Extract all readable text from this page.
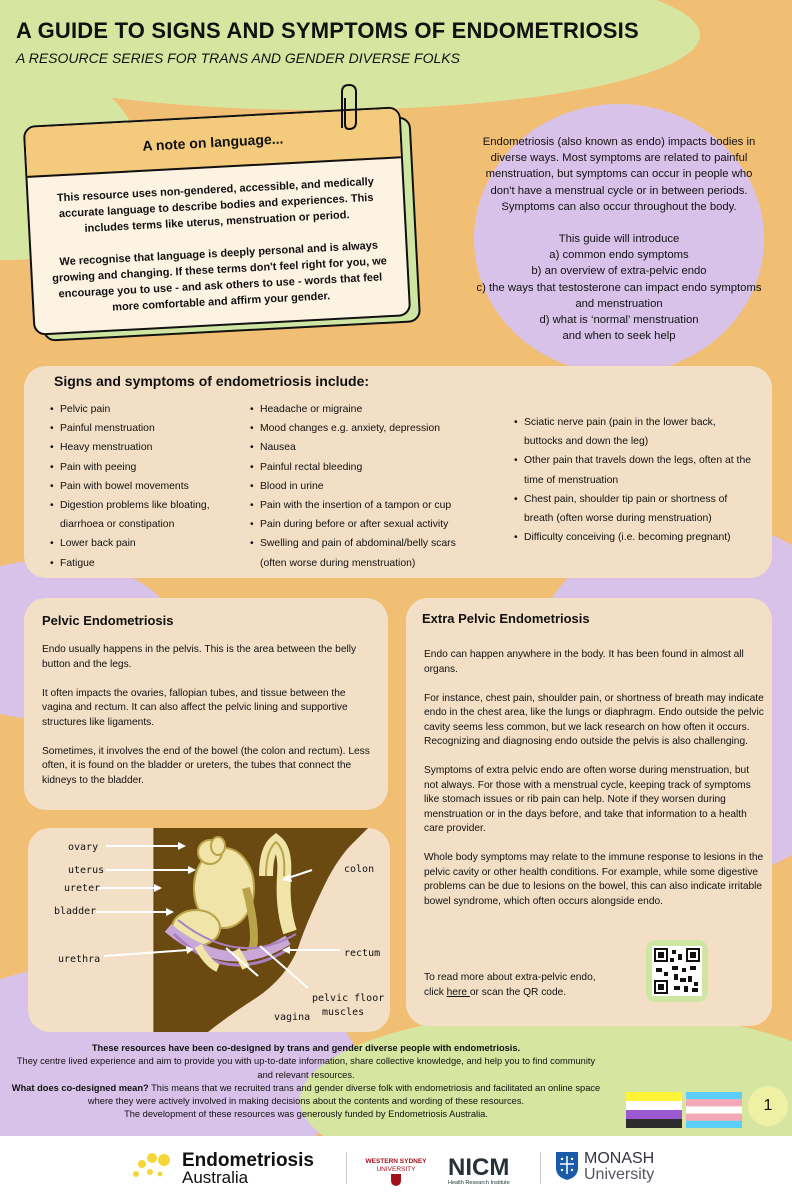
A GUIDE TO SIGNS AND SYMPTOMS OF ENDOMETRIOSIS
A RESOURCE SERIES FOR TRANS AND GENDER DIVERSE FOLKS
A note on language...

This resource uses non-gendered, accessible, and medically accurate language to describe bodies and experiences. This includes terms like uterus, menstruation or period.

We recognise that language is deeply personal and is always growing and changing. If these terms don't feel right for you, we encourage you to use - and ask others to use - words that feel more comfortable and affirm your gender.

Endometriosis (also known as endo) impacts bodies in diverse ways. Most symptoms are related to painful menstruation, but symptoms can occur in people who don't have a menstrual cycle or in between periods. Symptoms can also occur throughout the body.

This guide will introduce
a) common endo symptoms
b) an overview of extra-pelvic endo
c) the ways that testosterone can impact endo symptoms and menstruation
d) what is ‘normal’ menstruation
and when to seek help

Signs and symptoms of endometriosis include:
• Pelvic pain
• Painful menstruation
• Heavy menstruation
• Pain with peeing
• Pain with bowel movements
• Digestion problems like bloating, diarrhoea or constipation
• Lower back pain
• Fatigue
• Headache or migraine
• Mood changes e.g. anxiety, depression
• Nausea
• Painful rectal bleeding
• Blood in urine
• Pain with the insertion of a tampon or cup
• Pain during before or after sexual activity
• Swelling and pain of abdominal/belly scars (often worse during menstruation)
• Sciatic nerve pain (pain in the lower back, buttocks and down the leg)
• Other pain that travels down the legs, often at the time of menstruation
• Chest pain, shoulder tip pain or shortness of breath (often worse during menstruation)
• Difficulty conceiving (i.e. becoming pregnant)
Pelvic Endometriosis

Endo usually happens in the pelvis. This is the area between the belly button and the legs.

It often impacts the ovaries, fallopian tubes, and tissue between the vagina and rectum. It can also affect the pelvic lining and supportive structures like ligaments.

Sometimes, it involves the end of the bowel (the colon and rectum). Less often, it is found on the bladder or ureters, the tubes that connect the kidneys to the bladder.

ovary
uterus
ureter
bladder
urethra
vagina
colon
rectum
pelvic floor
muscles
Extra Pelvic Endometriosis

Endo can happen anywhere in the body. It has been found in almost all organs.

For instance, chest pain, shoulder pain, or shortness of breath may indicate endo in the chest area, like the lungs or diaphragm. Endo outside the pelvic cavity seems less common, but we lack research on how often it occurs. Recognizing and diagnosing endo outside the pelvis is also challenging.

Symptoms of extra pelvic endo are often worse during menstruation, but not always. For those with a menstrual cycle, keeping track of symptoms like stomach issues or rib pain can help. Note if they worsen during menstruation or in the days before, and take that information to a health care provider.

Whole body symptoms may relate to the immune response to lesions in the pelvic cavity or other health conditions. For example, while some digestive problems can be due to lesions on the bowel, this can also indicate irritable bowel syndrome, which often occurs alongside endo.

To read more about extra-pelvic endo,
click here or scan the QR code.
These resources have been co-designed by trans and gender diverse people with endometriosis.
They centre lived experience and aim to provide you with up-to-date information, share collective knowledge, and help you to find community and relevant resources.
What does co-designed mean? This means that we recruited trans and gender diverse folk with endometriosis and facilitated an online space where they were actively involved in making decisions about the contents and wording of these resources.
The development of these resources was generously funded by Endometriosis Australia.
1
Endometriosis
Australia
WESTERN SYDNEY
UNIVERSITY	NICM
Health Research Institute
MONASH
University
